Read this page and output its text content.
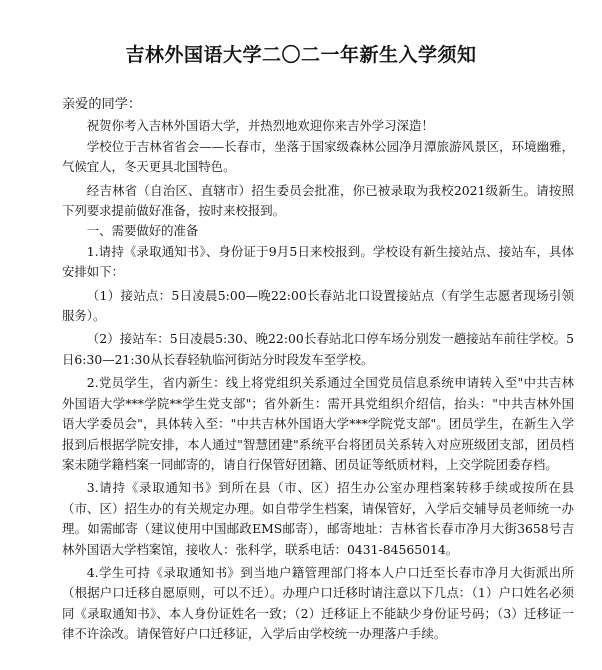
吉林外国语大学二〇二一年新生入学须知

亲爱的同学：

祝贺你考入吉林外国语大学，并热烈地欢迎你来吉外学习深造！

学校位于吉林省省会——长春市，坐落于国家级森林公园净月潭旅游风景区，环境幽雅，气候宜人，冬天更具北国特色。

经吉林省（自治区、直辖市）招生委员会批准，你已被录取为我校2021级新生。请按照下列要求提前做好准备，按时来校报到。

一、需要做好的准备

1.请持《录取通知书》、身份证于9月5日来校报到。学校设有新生接站点、接站车，具体安排如下：

（1）接站点：5日凌晨5:00—晚22:00长春站北口设置接站点（有学生志愿者现场引领服务）。

（2）接站车：5日凌晨5:30、晚22:00长春站北口停车场分别发一趟接站车前往学校。5日6:30—21:30从长春轻轨临河街站分时段发车至学校。

2.党员学生，省内新生：线上将党组织关系通过全国党员信息系统申请转入至"中共吉林外国语大学***学院**学生党支部"；省外新生：需开具党组织介绍信，抬头："中共吉林外国语大学委员会"，具体转入至："中共吉林外国语大学***学院党支部"。团员学生，在新生入学报到后根据学院安排，本人通过"智慧团建"系统平台将团员关系转入对应班级团支部，团员档案未随学籍档案一同邮寄的，请自行保管好团籍、团员证等纸质材料，上交学院团委存档。

3.请持《录取通知书》到所在县（市、区）招生办公室办理档案转移手续或按所在县（市、区）招生办的有关规定办理。如自带学生档案，请保管好，入学后交辅导员老师统一办理。如需邮寄（建议使用中国邮政EMS邮寄），邮寄地址：吉林省长春市净月大街3658号吉林外国语大学档案馆，接收人：张科学，联系电话：0431-84565014。

4.学生可持《录取通知书》到当地户籍管理部门将本人户口迁至长春市净月大街派出所（根据户口迁移自愿原则，可以不迁）。办理户口迁移时请注意以下几点：（1）户口姓名必须同《录取通知书》、本人身份证姓名一致；（2）迁移证上不能缺少身份证号码；（3）迁移证一律不许涂改。请保管好户口迁移证，入学后由学校统一办理落户手续。
